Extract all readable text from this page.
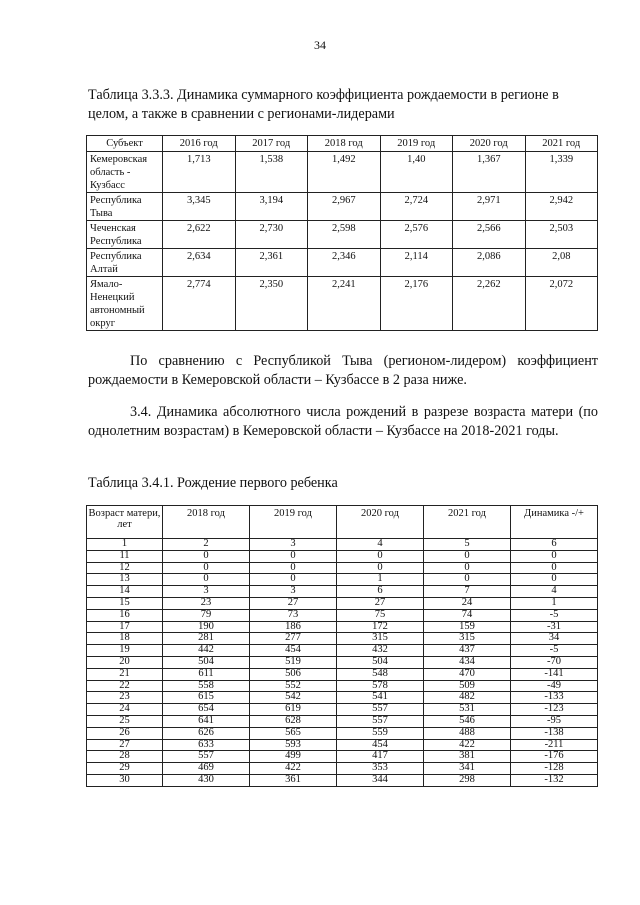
34
Таблица 3.3.3. Динамика суммарного коэффициента рождаемости в регионе в целом, а также в сравнении с регионами-лидерами
Субъект	2016 год	2017 год	2018 год	2019 год	2020 год	2021 год
Кемеровская область - Кузбасс	1,713	1,538	1,492	1,40	1,367	1,339
Республика Тыва	3,345	3,194	2,967	2,724	2,971	2,942
Чеченская Республика	2,622	2,730	2,598	2,576	2,566	2,503
Республика Алтай	2,634	2,361	2,346	2,114	2,086	2,08
Ямало-Ненецкий автономный округ	2,774	2,350	2,241	2,176	2,262	2,072
По сравнению с Республикой Тыва (регионом-лидером) коэффициент рождаемости в Кемеровской области – Кузбассе в 2 раза ниже.
3.4. Динамика абсолютного числа рождений в разрезе возраста матери (по однолетним возрастам) в Кемеровской области – Кузбассе на 2018-2021 годы.
Таблица 3.4.1. Рождение первого ребенка
Возраст матери, лет	2018 год	2019 год	2020 год	2021 год	Динамика -/+
1	2	3	4	5	6
11	0	0	0	0	0
12	0	0	0	0	0
13	0	0	1	0	0
14	3	3	6	7	4
15	23	27	27	24	1
16	79	73	75	74	-5
17	190	186	172	159	-31
18	281	277	315	315	34
19	442	454	432	437	-5
20	504	519	504	434	-70
21	611	506	548	470	-141
22	558	552	578	509	-49
23	615	542	541	482	-133
24	654	619	557	531	-123
25	641	628	557	546	-95
26	626	565	559	488	-138
27	633	593	454	422	-211
28	557	499	417	381	-176
29	469	422	353	341	-128
30	430	361	344	298	-132
